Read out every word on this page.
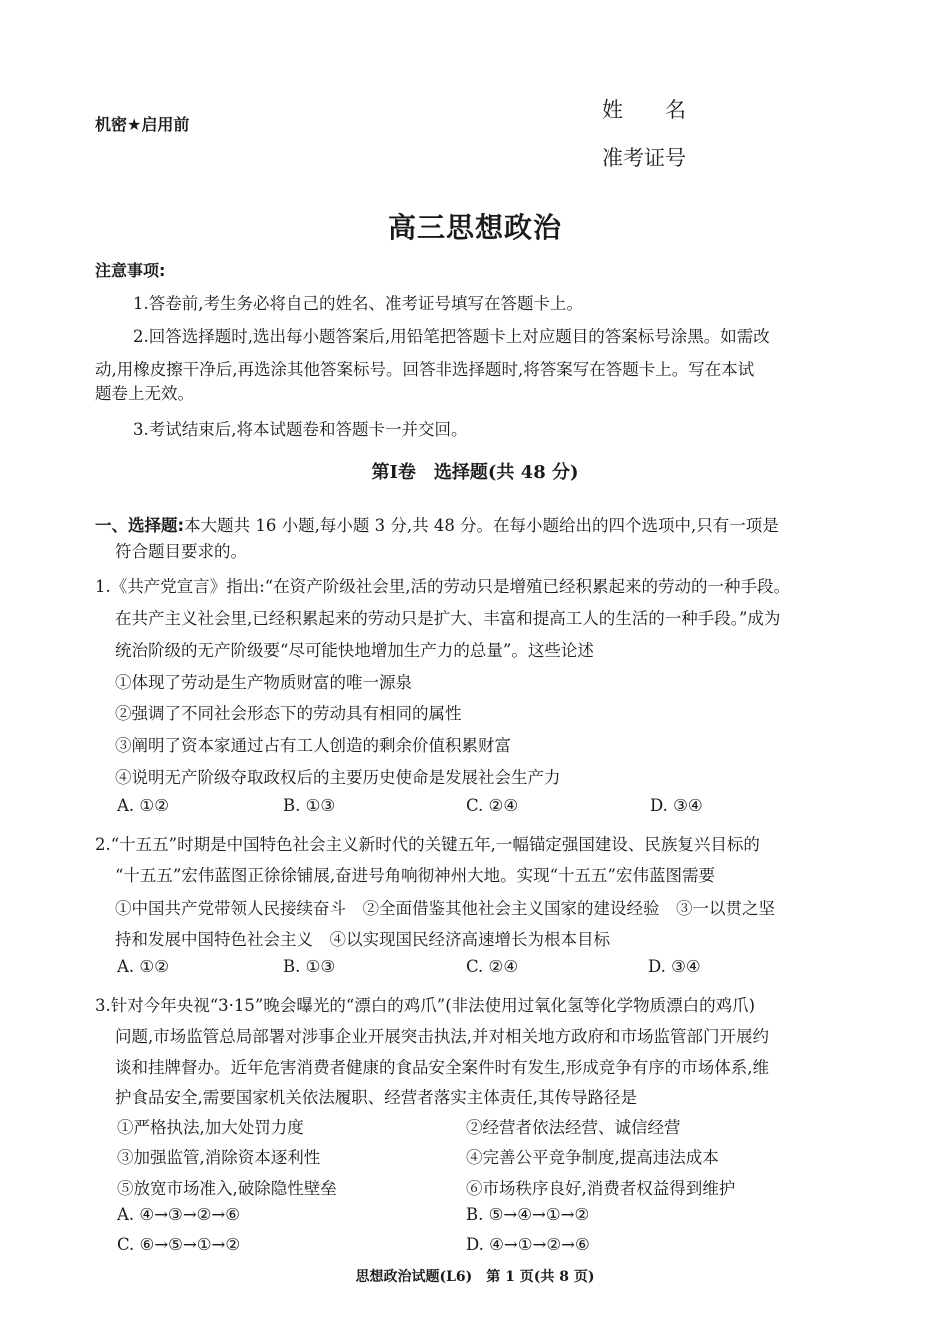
机密★启用前
姓　　名
准考证号
高三思想政治
注意事项:
1.答卷前,考生务必将自己的姓名、准考证号填写在答题卡上。
2.回答选择题时,选出每小题答案后,用铅笔把答题卡上对应题目的答案标号涂黑。如需改
动,用橡皮擦干净后,再选涂其他答案标号。回答非选择题时,将答案写在答题卡上。写在本试
题卷上无效。
3.考试结束后,将本试题卷和答题卡一并交回。
第Ⅰ卷　选择题(共 48 分)
一、选择题:本大题共 16 小题,每小题 3 分,共 48 分。在每小题给出的四个选项中,只有一项是
符合题目要求的。
1.《共产党宣言》指出:“在资产阶级社会里,活的劳动只是增殖已经积累起来的劳动的一种手段。
在共产主义社会里,已经积累起来的劳动只是扩大、丰富和提高工人的生活的一种手段。”成为
统治阶级的无产阶级要“尽可能快地增加生产力的总量”。这些论述
①体现了劳动是生产物质财富的唯一源泉
②强调了不同社会形态下的劳动具有相同的属性
③阐明了资本家通过占有工人创造的剩余价值积累财富
④说明无产阶级夺取政权后的主要历史使命是发展社会生产力
A. ①②	B. ①③	C. ②④	D. ③④
2.“十五五”时期是中国特色社会主义新时代的关键五年,一幅锚定强国建设、民族复兴目标的
“十五五”宏伟蓝图正徐徐铺展,奋进号角响彻神州大地。实现“十五五”宏伟蓝图需要
①中国共产党带领人民接续奋斗　②全面借鉴其他社会主义国家的建设经验　③一以贯之坚
持和发展中国特色社会主义　④以实现国民经济高速增长为根本目标
A. ①②	B. ①③	C. ②④	D. ③④
3.针对今年央视“3·15”晚会曝光的“漂白的鸡爪”(非法使用过氧化氢等化学物质漂白的鸡爪)
问题,市场监管总局部署对涉事企业开展突击执法,并对相关地方政府和市场监管部门开展约
谈和挂牌督办。近年危害消费者健康的食品安全案件时有发生,形成竞争有序的市场体系,维
护食品安全,需要国家机关依法履职、经营者落实主体责任,其传导路径是
①严格执法,加大处罚力度	②经营者依法经营、诚信经营
③加强监管,消除资本逐利性	④完善公平竞争制度,提高违法成本
⑤放宽市场准入,破除隐性壁垒	⑥市场秩序良好,消费者权益得到维护
A. ④→③→②→⑥	B. ⑤→④→①→②
C. ⑥→⑤→①→②	D. ④→①→②→⑥
思想政治试题(L6)　第 1 页(共 8 页)
